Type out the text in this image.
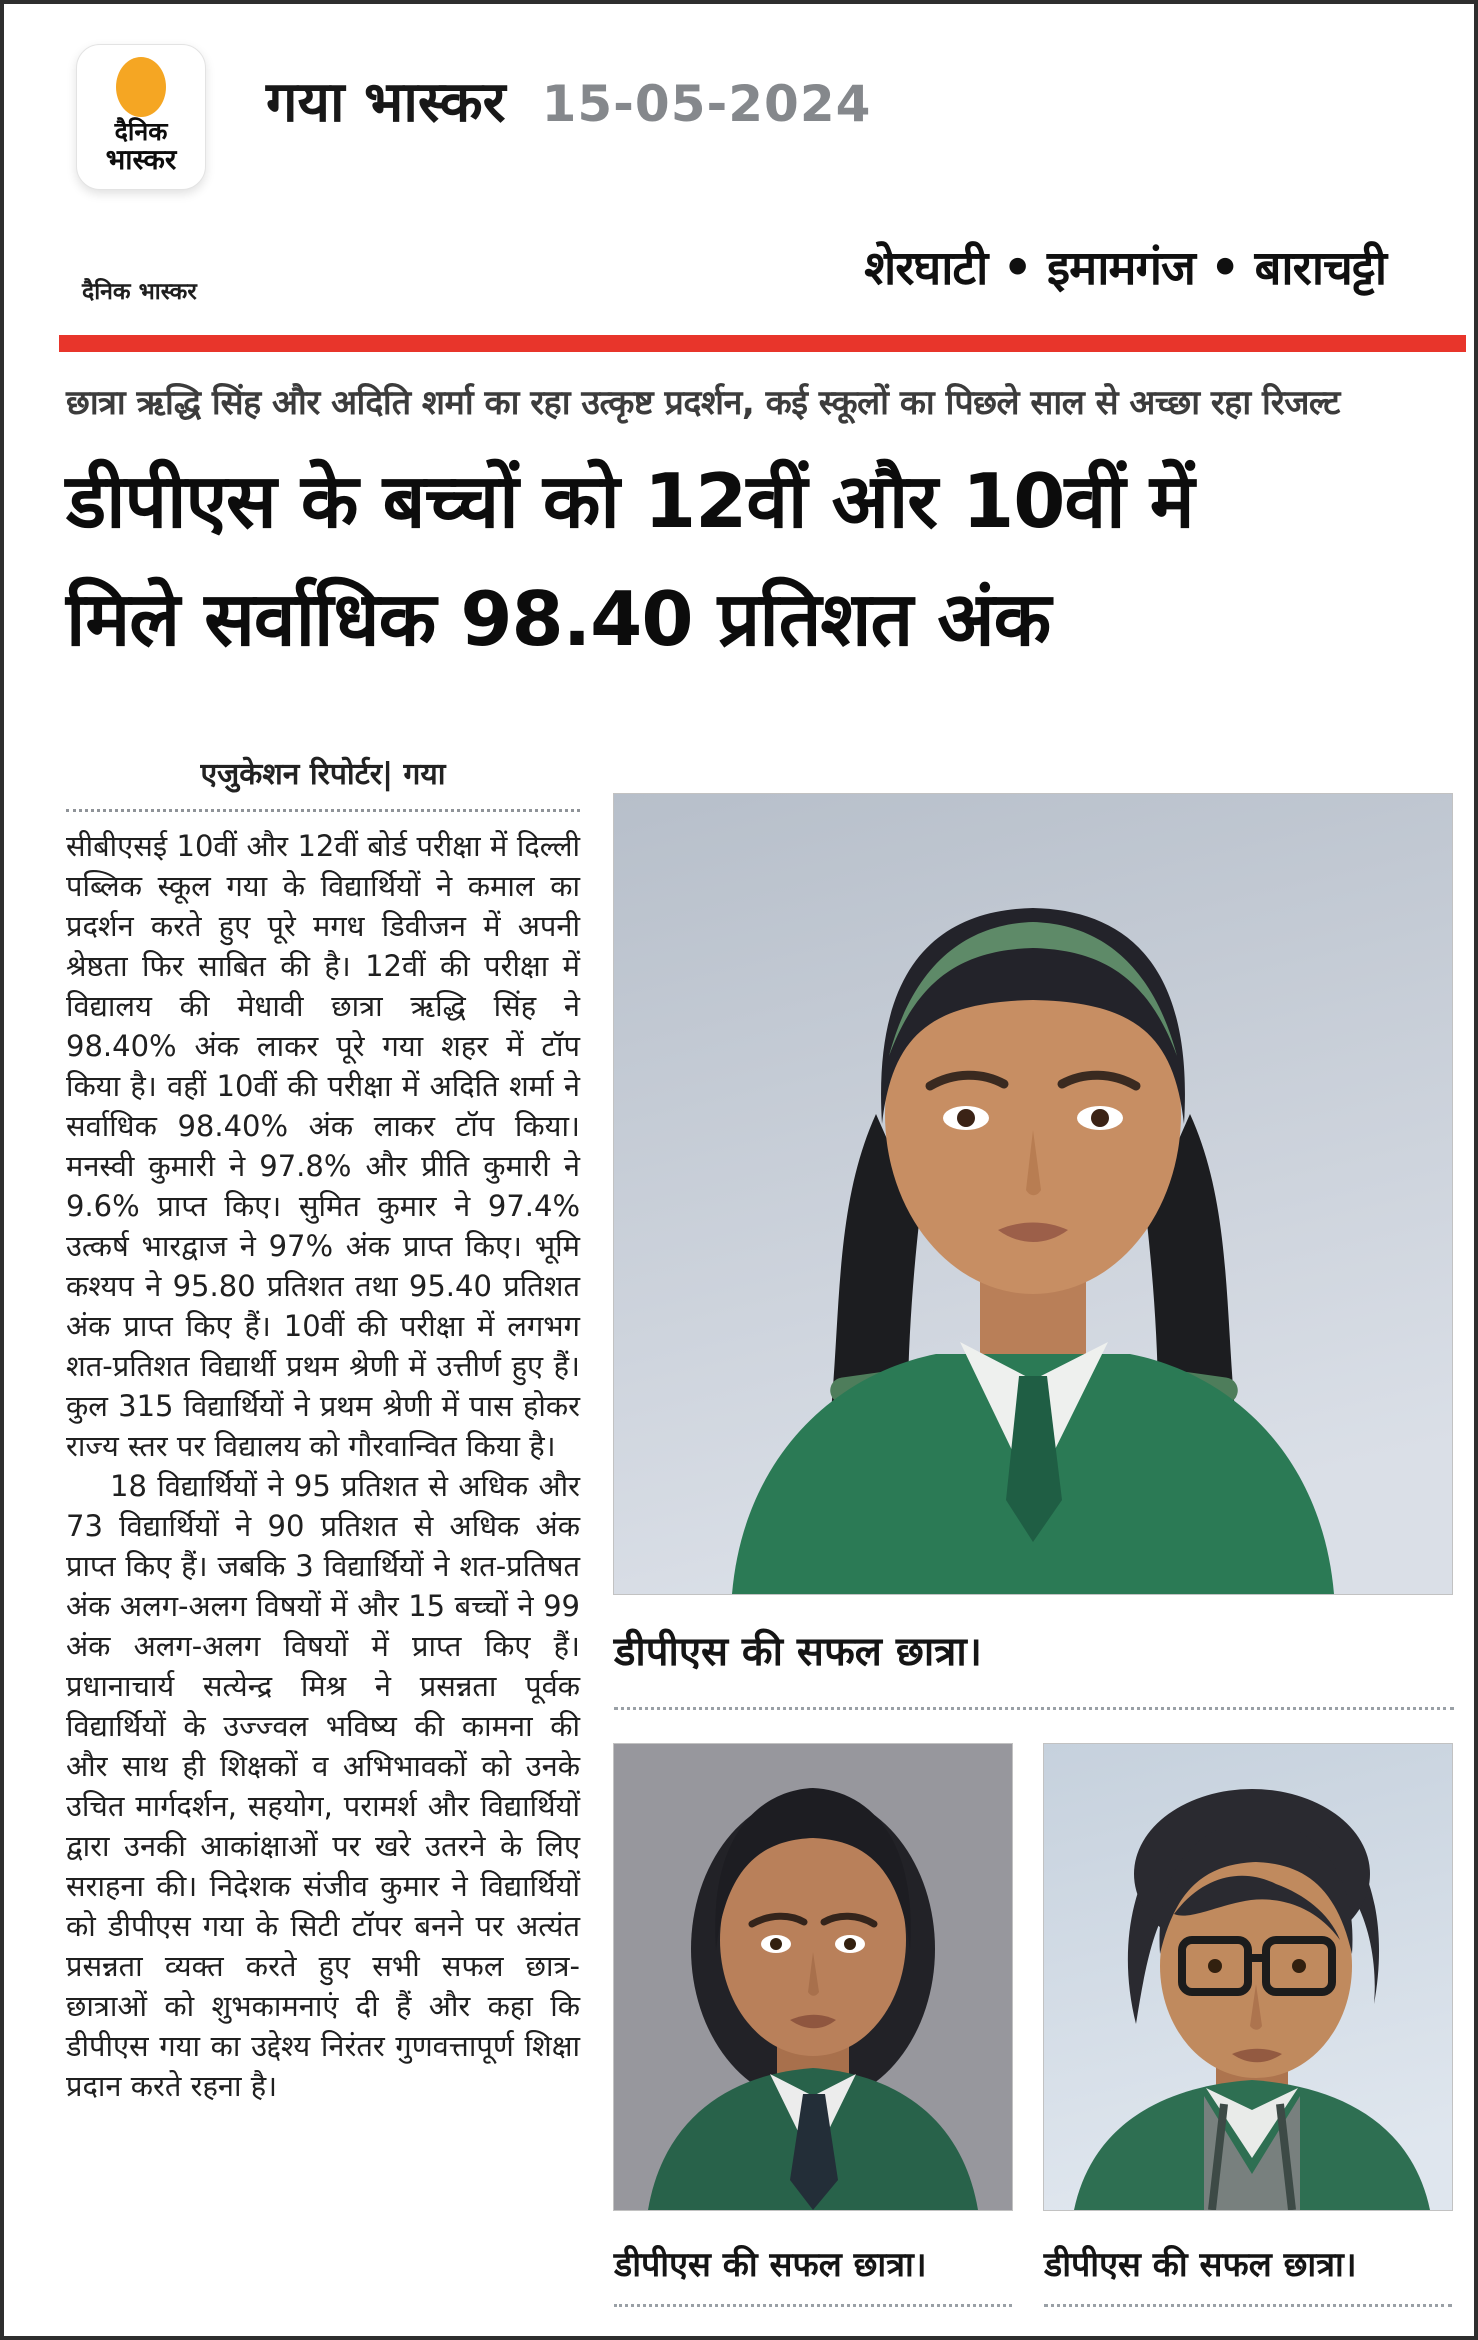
दैनिक
भास्कर
गया भास्कर 15-05-2024
दैनिक भास्कर	शेरघाटी • इमामगंज • बाराचट्टी
छात्रा ऋद्धि सिंह और अदिति शर्मा का रहा उत्कृष्ट प्रदर्शन, कई स्कूलों का पिछले साल से अच्छा रहा रिजल्ट
डीपीएस के बच्चों को 12वीं और 10वीं में
मिले सर्वाधिक 98.40 प्रतिशत अंक
एजुकेशन रिपोर्टर| गया

सीबीएसई 10वीं और 12वीं बोर्ड परीक्षा में दिल्ली पब्लिक स्कूल गया के विद्यार्थियों ने कमाल का प्रदर्शन करते हुए पूरे मगध डिवीजन में अपनी श्रेष्ठता फिर साबित की है। 12वीं की परीक्षा में विद्यालय की मेधावी छात्रा ऋद्धि सिंह ने 98.40% अंक लाकर पूरे गया शहर में टॉप किया है। वहीं 10वीं की परीक्षा में अदिति शर्मा ने सर्वाधिक 98.40% अंक लाकर टॉप किया। मनस्वी कुमारी ने 97.8% और प्रीति कुमारी ने 9.6% प्राप्त किए। सुमित कुमार ने 97.4% उत्कर्ष भारद्वाज ने 97% अंक प्राप्त किए। भूमि कश्यप ने 95.80 प्रतिशत तथा 95.40 प्रतिशत अंक प्राप्त किए हैं। 10वीं की परीक्षा में लगभग शत-प्रतिशत विद्यार्थी प्रथम श्रेणी में उत्तीर्ण हुए हैं। कुल 315 विद्यार्थियों ने प्रथम श्रेणी में पास होकर राज्य स्तर पर विद्यालय को गौरवान्वित किया है।

18 विद्यार्थियों ने 95 प्रतिशत से अधिक और 73 विद्यार्थियों ने 90 प्रतिशत से अधिक अंक प्राप्त किए हैं। जबकि 3 विद्यार्थियों ने शत-प्रतिषत अंक अलग-अलग विषयों में और 15 बच्चों ने 99 अंक अलग-अलग विषयों में प्राप्त किए हैं। प्रधानाचार्य सत्येन्द्र मिश्र ने प्रसन्नता पूर्वक विद्यार्थियों के उज्ज्वल भविष्य की कामना की और साथ ही शिक्षकों व अभिभावकों को उनके उचित मार्गदर्शन, सहयोग, परामर्श और विद्यार्थियों द्वारा उनकी आकांक्षाओं पर खरे उतरने के लिए सराहना की। निदेशक संजीव कुमार ने विद्यार्थियों को डीपीएस गया के सिटी टॉपर बनने पर अत्यंत प्रसन्नता व्यक्त करते हुए सभी सफल छात्र-छात्राओं को शुभकामनाएं दी हैं और कहा कि डीपीएस गया का उद्देश्य निरंतर गुणवत्तापूर्ण शिक्षा प्रदान करते रहना है।

डीपीएस की सफल छात्रा।
डीपीएस की सफल छात्रा।	डीपीएस की सफल छात्रा।
